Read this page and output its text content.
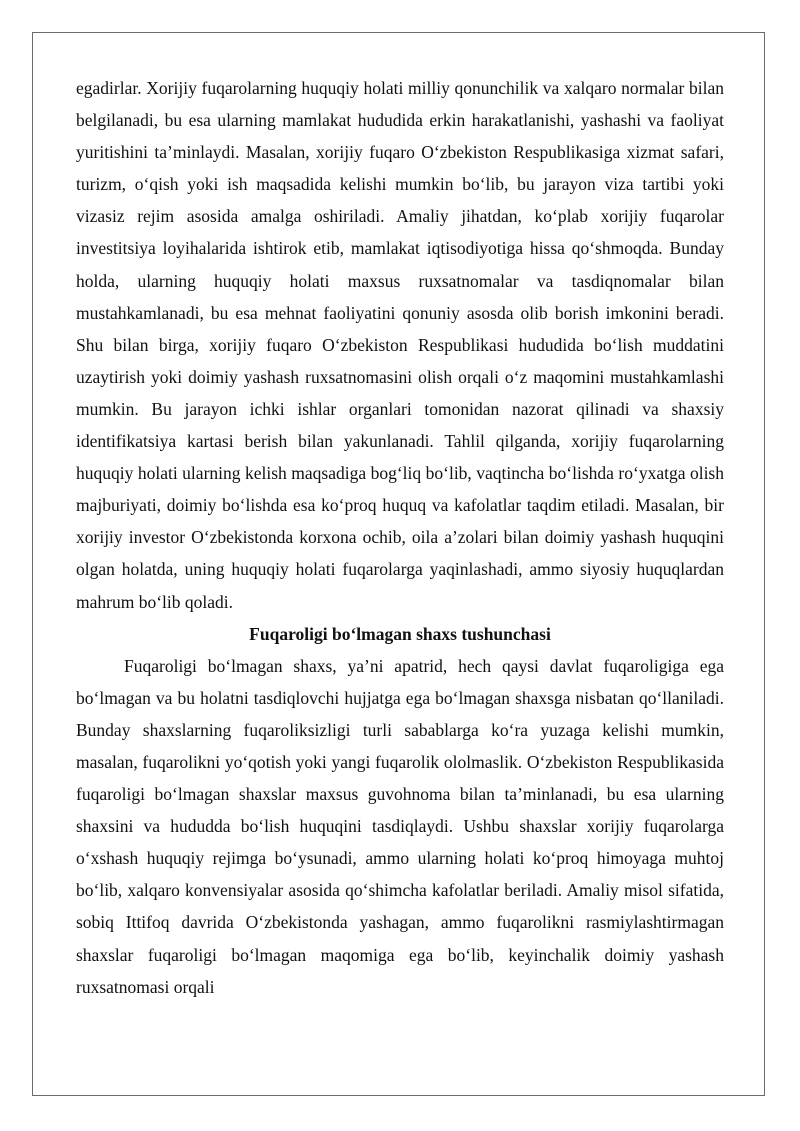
egadirlar. Xorijiy fuqarolarning huquqiy holati milliy qonunchilik va xalqaro normalar bilan belgilanadi, bu esa ularning mamlakat hududida erkin harakatlanishi, yashashi va faoliyat yuritishini ta’minlaydi. Masalan, xorijiy fuqaro O‘zbekiston Respublikasiga xizmat safari, turizm, o‘qish yoki ish maqsadida kelishi mumkin bo‘lib, bu jarayon viza tartibi yoki vizasiz rejim asosida amalga oshiriladi. Amaliy jihatdan, ko‘plab xorijiy fuqarolar investitsiya loyihalarida ishtirok etib, mamlakat iqtisodiyotiga hissa qo‘shmoqda. Bunday holda, ularning huquqiy holati maxsus ruxsatnomalar va tasdiqnomalar bilan mustahkamlanadi, bu esa mehnat faoliyatini qonuniy asosda olib borish imkonini beradi. Shu bilan birga, xorijiy fuqaro O‘zbekiston Respublikasi hududida bo‘lish muddatini uzaytirish yoki doimiy yashash ruxsatnomasini olish orqali o‘z maqomini mustahkamlashi mumkin. Bu jarayon ichki ishlar organlari tomonidan nazorat qilinadi va shaxsiy identifikatsiya kartasi berish bilan yakunlanadi. Tahlil qilganda, xorijiy fuqarolarning huquqiy holati ularning kelish maqsadiga bog‘liq bo‘lib, vaqtincha bo‘lishda ro‘yxatga olish majburiyati, doimiy bo‘lishda esa ko‘proq huquq va kafolatlar taqdim etiladi. Masalan, bir xorijiy investor O‘zbekistonda korxona ochib, oila a’zolari bilan doimiy yashash huquqini olgan holatda, uning huquqiy holati fuqarolarga yaqinlashadi, ammo siyosiy huquqlardan mahrum bo‘lib qoladi.

Fuqaroligi bo‘lmagan shaxs tushunchasi

Fuqaroligi bo‘lmagan shaxs, ya’ni apatrid, hech qaysi davlat fuqaroligiga ega bo‘lmagan va bu holatni tasdiqlovchi hujjatga ega bo‘lmagan shaxsga nisbatan qo‘llaniladi. Bunday shaxslarning fuqaroliksizligi turli sabablarga ko‘ra yuzaga kelishi mumkin, masalan, fuqarolikni yo‘qotish yoki yangi fuqarolik ololmaslik. O‘zbekiston Respublikasida fuqaroligi bo‘lmagan shaxslar maxsus guvohnoma bilan ta’minlanadi, bu esa ularning shaxsini va hududda bo‘lish huquqini tasdiqlaydi. Ushbu shaxslar xorijiy fuqarolarga o‘xshash huquqiy rejimga bo‘ysunadi, ammo ularning holati ko‘proq himoyaga muhtoj bo‘lib, xalqaro konvensiyalar asosida qo‘shimcha kafolatlar beriladi. Amaliy misol sifatida, sobiq Ittifoq davrida O‘zbekistonda yashagan, ammo fuqarolikni rasmiylashtirmagan shaxslar fuqaroligi bo‘lmagan maqomiga ega bo‘lib, keyinchalik doimiy yashash ruxsatnomasi orqali
